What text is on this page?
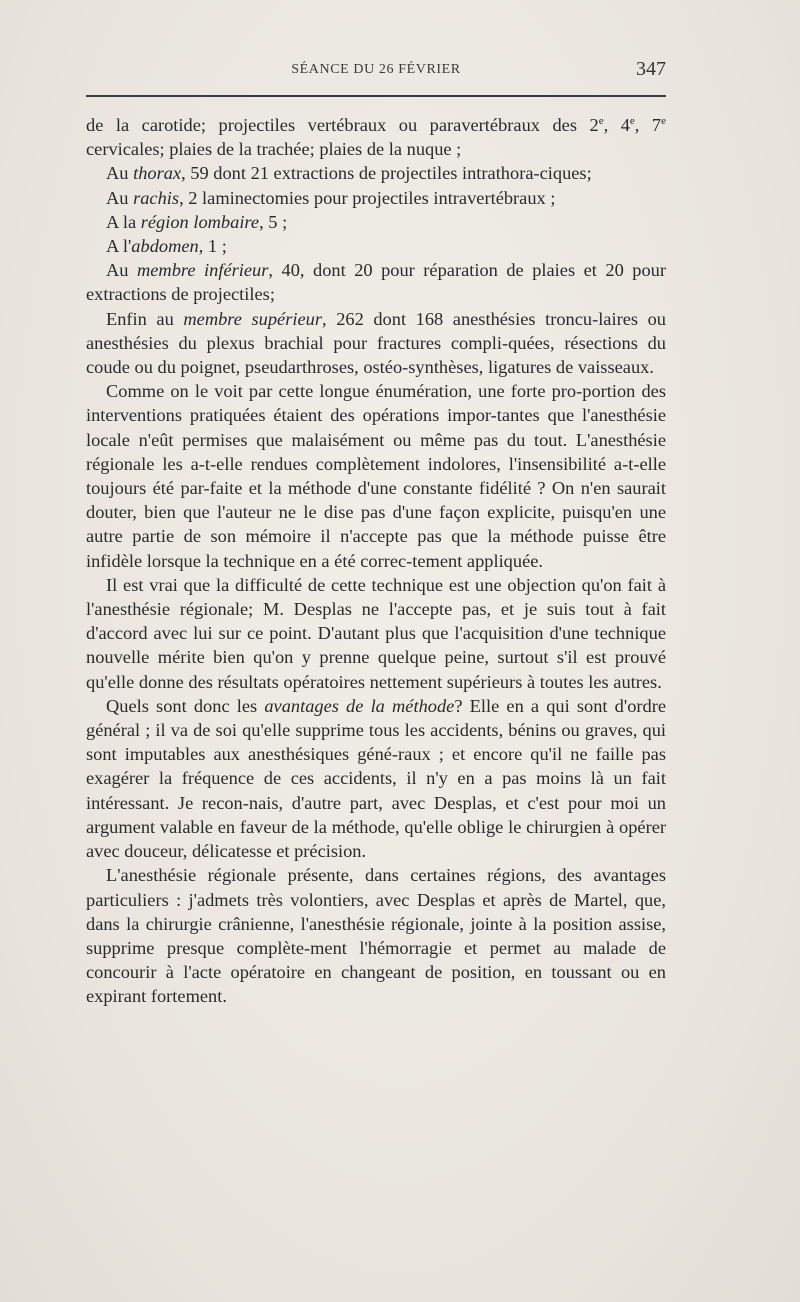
SÉANCE DU 26 FÉVRIER	347

de la carotide; projectiles vertébraux ou paravertébraux des 2e, 4e, 7e cervicales; plaies de la trachée; plaies de la nuque ;

Au thorax, 59 dont 21 extractions de projectiles intrathora-ciques;

Au rachis, 2 laminectomies pour projectiles intravertébraux ;

A la région lombaire, 5 ;

A l'abdomen, 1 ;

Au membre inférieur, 40, dont 20 pour réparation de plaies et 20 pour extractions de projectiles;

Enfin au membre supérieur, 262 dont 168 anesthésies troncu-laires ou anesthésies du plexus brachial pour fractures compli-quées, résections du coude ou du poignet, pseudarthroses, ostéo-synthèses, ligatures de vaisseaux.

Comme on le voit par cette longue énumération, une forte pro-portion des interventions pratiquées étaient des opérations impor-tantes que l'anesthésie locale n'eût permises que malaisément ou même pas du tout. L'anesthésie régionale les a-t-elle rendues complètement indolores, l'insensibilité a-t-elle toujours été par-faite et la méthode d'une constante fidélité ? On n'en saurait douter, bien que l'auteur ne le dise pas d'une façon explicite, puisqu'en une autre partie de son mémoire il n'accepte pas que la méthode puisse être infidèle lorsque la technique en a été correc-tement appliquée.

Il est vrai que la difficulté de cette technique est une objection qu'on fait à l'anesthésie régionale; M. Desplas ne l'accepte pas, et je suis tout à fait d'accord avec lui sur ce point. D'autant plus que l'acquisition d'une technique nouvelle mérite bien qu'on y prenne quelque peine, surtout s'il est prouvé qu'elle donne des résultats opératoires nettement supérieurs à toutes les autres.

Quels sont donc les avantages de la méthode? Elle en a qui sont d'ordre général ; il va de soi qu'elle supprime tous les accidents, bénins ou graves, qui sont imputables aux anesthésiques géné-raux ; et encore qu'il ne faille pas exagérer la fréquence de ces accidents, il n'y en a pas moins là un fait intéressant. Je recon-nais, d'autre part, avec Desplas, et c'est pour moi un argument valable en faveur de la méthode, qu'elle oblige le chirurgien à opérer avec douceur, délicatesse et précision.

L'anesthésie régionale présente, dans certaines régions, des avantages particuliers : j'admets très volontiers, avec Desplas et après de Martel, que, dans la chirurgie crânienne, l'anesthésie régionale, jointe à la position assise, supprime presque complète-ment l'hémorragie et permet au malade de concourir à l'acte opératoire en changeant de position, en toussant ou en expirant fortement.
